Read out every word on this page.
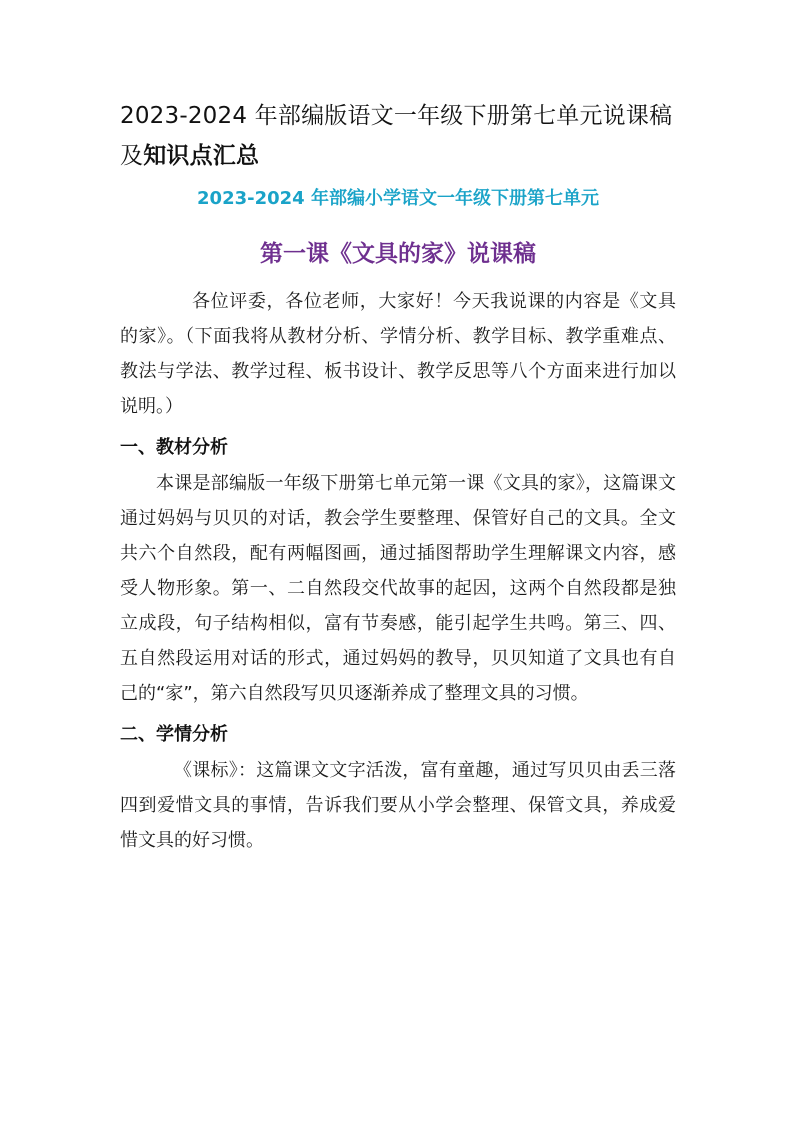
2023-2024 年部编版语文一年级下册第七单元说课稿
及知识点汇总
2023-2024 年部编小学语文一年级下册第七单元
第一课《文具的家》说课稿

各位评委，各位老师，大家好！今天我说课的内容是《文具的家》。（下面我将从教材分析、学情分析、教学目标、教学重难点、教法与学法、教学过程、板书设计、教学反思等八个方面来进行加以说明。）

一、教材分析

本课是部编版一年级下册第七单元第一课《文具的家》，这篇课文通过妈妈与贝贝的对话，教会学生要整理、保管好自己的文具。全文共六个自然段，配有两幅图画，通过插图帮助学生理解课文内容，感受人物形象。第一、二自然段交代故事的起因，这两个自然段都是独立成段，句子结构相似，富有节奏感，能引起学生共鸣。第三、四、五自然段运用对话的形式，通过妈妈的教导，贝贝知道了文具也有自己的“家”，第六自然段写贝贝逐渐养成了整理文具的习惯。

二、学情分析

《课标》：这篇课文文字活泼，富有童趣，通过写贝贝由丢三落四到爱惜文具的事情，告诉我们要从小学会整理、保管文具，养成爱惜文具的好习惯。
